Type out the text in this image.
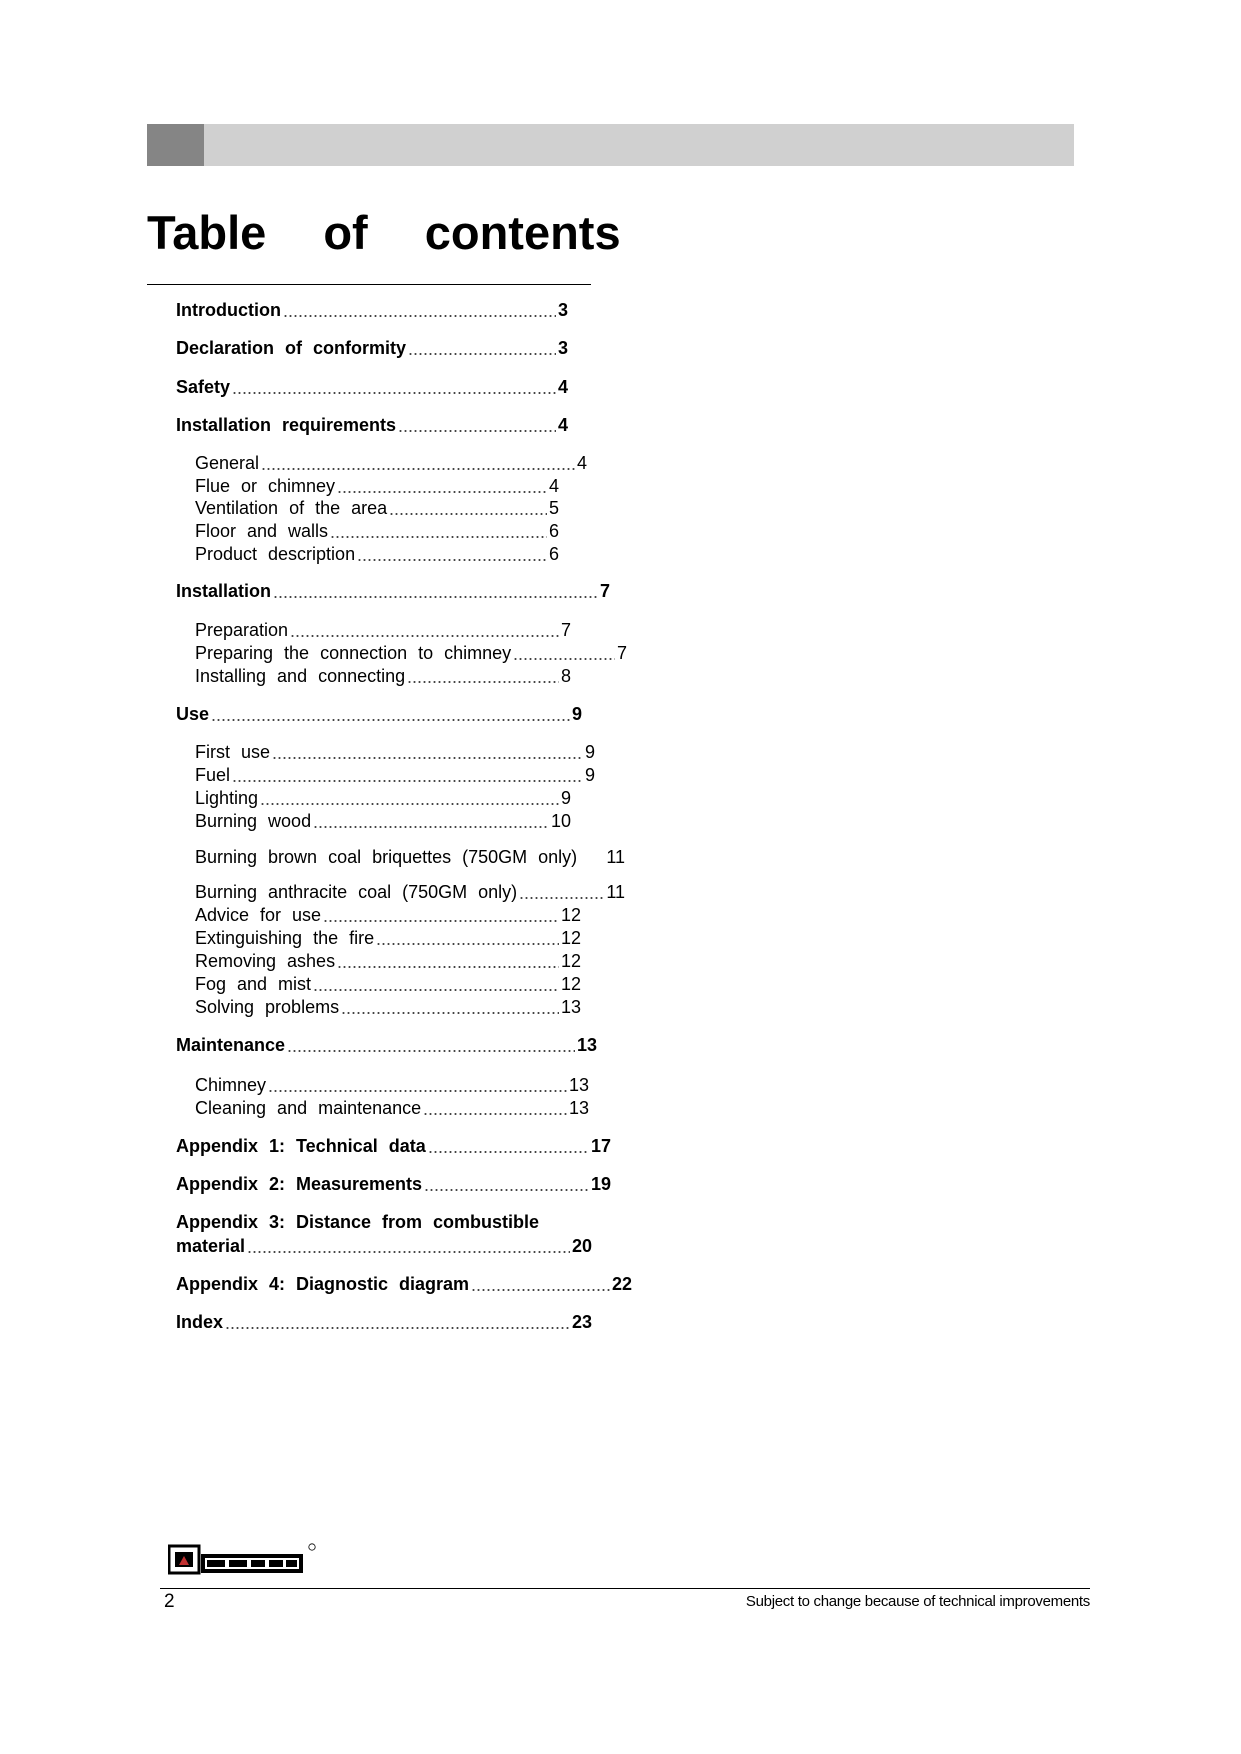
Table of contents
Introduction	3
Declaration of conformity	3
Safety	4
Installation requirements	4
General	4
Flue or chimney	4
Ventilation of the area	5
Floor and walls	6
Product description	6
Installation	7
Preparation	7
Preparing the connection to chimney	7
Installing and connecting	8
Use	9
First use	9
Fuel	9
Lighting	9
Burning wood	10
Burning brown coal briquettes (750GM only) 11
Burning anthracite coal (750GM only)	11
Advice for use	12
Extinguishing the fire	12
Removing ashes	12
Fog and mist	12
Solving problems	13
Maintenance	13
Chimney	13
Cleaning and maintenance	13
Appendix 1: Technical data	17
Appendix 2: Measurements	19
Appendix 3: Distance from combustible
material	20
Appendix 4: Diagnostic diagram	22
Index	23
2	Subject to change because of technical improvements
